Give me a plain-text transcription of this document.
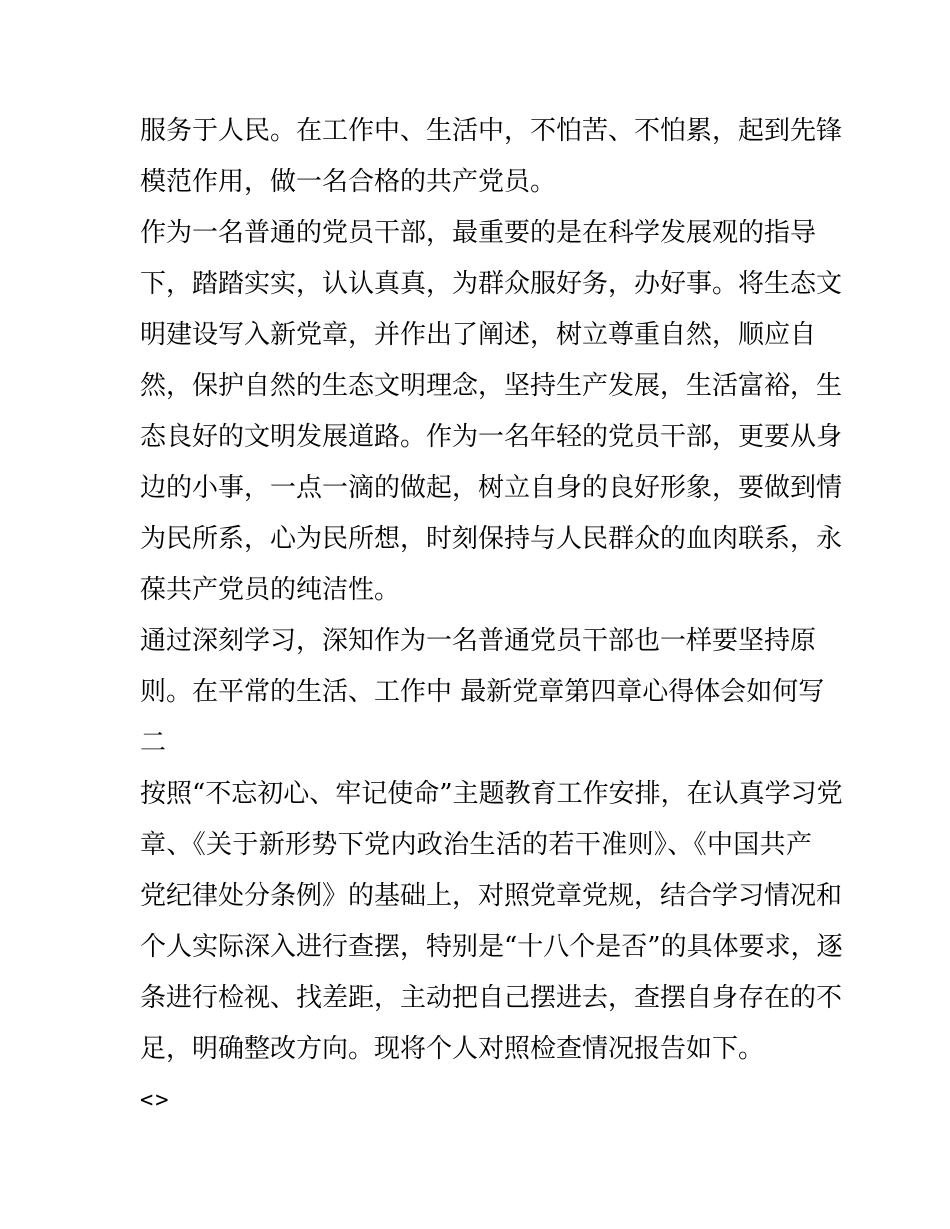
服务于人民。在工作中、生活中，不怕苦、不怕累，起到先锋
模范作用，做一名合格的共产党员。
作为一名普通的党员干部，最重要的是在科学发展观的指导
下，踏踏实实，认认真真，为群众服好务，办好事。将生态文
明建设写入新党章，并作出了阐述，树立尊重自然，顺应自
然，保护自然的生态文明理念，坚持生产发展，生活富裕，生
态良好的文明发展道路。作为一名年轻的党员干部，更要从身
边的小事，一点一滴的做起，树立自身的良好形象，要做到情
为民所系，心为民所想，时刻保持与人民群众的血肉联系，永
葆共产党员的纯洁性。
通过深刻学习，深知作为一名普通党员干部也一样要坚持原
则。在平常的生活、工作中 最新党章第四章心得体会如何写
二
按照“不忘初心、牢记使命”主题教育工作安排，在认真学习党
章、《关于新形势下党内政治生活的若干准则》、《中国共产
党纪律处分条例》的基础上，对照党章党规，结合学习情况和
个人实际深入进行查摆，特别是“十八个是否”的具体要求，逐
条进行检视、找差距，主动把自己摆进去，查摆自身存在的不
足，明确整改方向。现将个人对照检查情况报告如下。
<>
